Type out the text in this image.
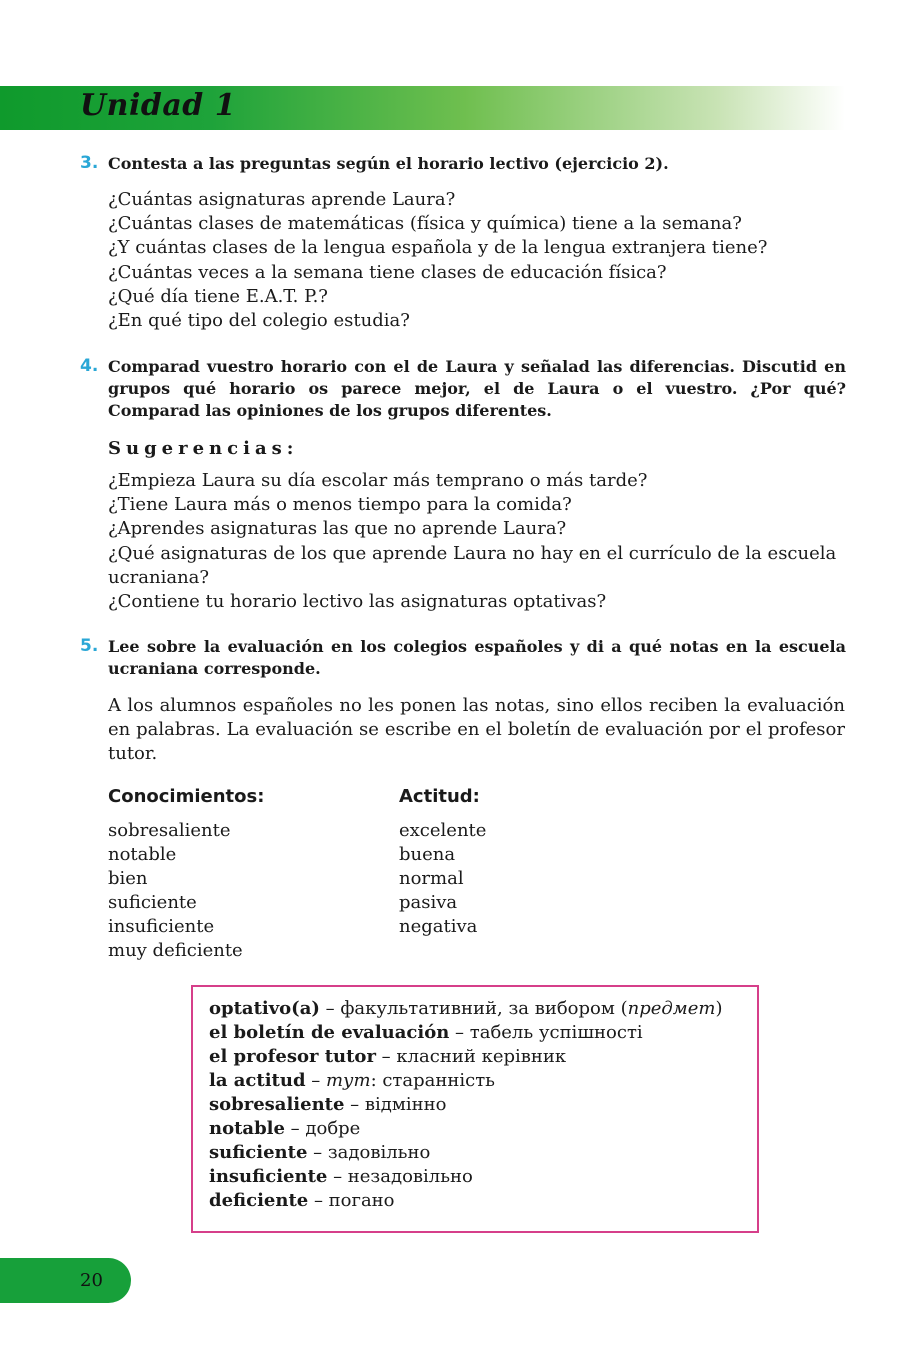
Unidad 1
3. Contesta a las preguntas según el horario lectivo (ejercicio 2).
¿Cuántas asignaturas aprende Laura?
¿Cuántas clases de matemáticas (física y química) tiene a la semana?
¿Y cuántas clases de la lengua española y de la lengua extranjera tiene?
¿Cuántas veces a la semana tiene clases de educación física?
¿Qué día tiene E.A.T. P.?
¿En qué tipo del colegio estudia?
4. Comparad vuestro horario con el de Laura y señalad las diferencias. Discutid en grupos qué horario os parece mejor, el de Laura o el vuestro. ¿Por qué? Comparad las opiniones de los grupos diferentes.
Sugerencias:
¿Empieza Laura su día escolar más temprano o más tarde?
¿Tiene Laura más o menos tiempo para la comida?
¿Aprendes asignaturas las que no aprende Laura?
¿Qué asignaturas de los que aprende Laura no hay en el currículo de la escuela
ucraniana?
¿Contiene tu horario lectivo las asignaturas optativas?
5. Lee sobre la evaluación en los colegios españoles y di a qué notas en la escuela ucraniana corresponde.
A los alumnos españoles no les ponen las notas, sino ellos reciben la evaluación en palabras. La evaluación se escribe en el boletín de evaluación por el profesor tutor.
Conocimientos:	Actitud:
sobresaliente
notable
bien
suficiente
insuficiente
muy deficiente
excelente
buena
normal
pasiva
negativa
optativo(a) – факультативний, за вибором (предмет)
el boletín de evaluación – табель успішності
el profesor tutor – класний керівник
la actitud – тут: старанність
sobresaliente – відмінно
notable – добре
suficiente – задовільно
insuficiente – незадовільно
deficiente – погано
20
